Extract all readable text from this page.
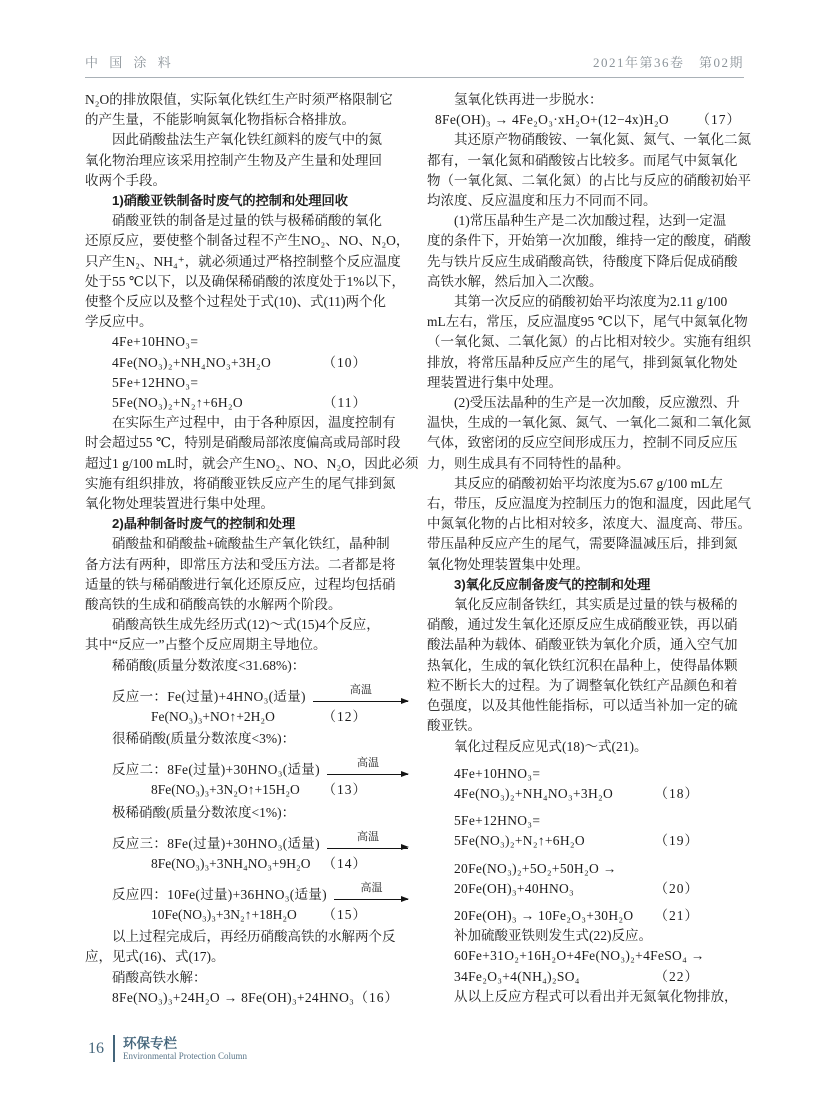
中 国 涂 料	2021年第36卷　第02期
N₂O的排放限值，实际氧化铁红生产时须严格限制它
的产生量，不能影响氮氧化物指标合格排放。
因此硝酸盐法生产氧化铁红颜料的废气中的氮
氧化物治理应该采用控制产生物及产生量和处理回
收两个手段。
1)硝酸亚铁制备时废气的控制和处理回收
硝酸亚铁的制备是过量的铁与极稀硝酸的氧化
还原反应，要使整个制备过程不产生NO₂、NO、N₂O，
只产生N₂、NH₄⁺，就必须通过严格控制整个反应温度
处于55 ℃以下，以及确保稀硝酸的浓度处于1%以下，
使整个反应以及整个过程处于式(10)、式(11)两个化
学反应中。
4Fe+10HNO₃=
4Fe(NO₃)₂+NH₄NO₃+3H₂O	（10）
5Fe+12HNO₃=
5Fe(NO₃)₂+N₂↑+6H₂O	（11）
在实际生产过程中，由于各种原因，温度控制有
时会超过55 ℃，特别是硝酸局部浓度偏高或局部时段
超过1 g/100 mL时，就会产生NO₂、NO、N₂O，因此必须
实施有组织排放，将硝酸亚铁反应产生的尾气排到氮
氧化物处理装置进行集中处理。
2)晶种制备时废气的控制和处理
硝酸盐和硝酸盐+硫酸盐生产氧化铁红，晶种制
备方法有两种，即常压方法和受压方法。二者都是将
适量的铁与稀硝酸进行氧化还原反应，过程均包括硝
酸高铁的生成和硝酸高铁的水解两个阶段。
硝酸高铁生成先经历式(12)～式(15)4个反应，
其中“反应一”占整个反应周期主导地位。
稀硝酸(质量分数浓度<31.68%)：
反应一：Fe(过量)+4HNO₃(适量)	高温
Fe(NO₃)₃+NO↑+2H₂O	（12）
很稀硝酸(质量分数浓度<3%)：
反应二：8Fe(过量)+30HNO₃(适量)	高温
8Fe(NO₃)₃+3N₂O↑+15H₂O （13）
极稀硝酸(质量分数浓度<1%)：
反应三：8Fe(过量)+30HNO₃(适量)	高温
8Fe(NO₃)₃+3NH₄NO₃+9H₂O （14）
反应四：10Fe(过量)+36HNO₃(适量)	高温
10Fe(NO₃)₃+3N₂↑+18H₂O （15）
以上过程完成后，再经历硝酸高铁的水解两个反
应，见式(16)、式(17)。
硝酸高铁水解：
8Fe(NO₃)₃+24H₂O → 8Fe(OH)₃+24HNO₃ （16）
氢氧化铁再进一步脱水：
8Fe(OH)₃ → 4Fe₂O₃·xH₂O+(12−4x)H₂O （17）
其还原产物硝酸铵、一氧化氮、氮气、一氧化二氮
都有，一氧化氮和硝酸铵占比较多。而尾气中氮氧化
物（一氧化氮、二氧化氮）的占比与反应的硝酸初始平
均浓度、反应温度和压力不同而不同。
(1)常压晶种生产是二次加酸过程，达到一定温
度的条件下，开始第一次加酸，维持一定的酸度，硝酸
先与铁片反应生成硝酸高铁，待酸度下降后促成硝酸
高铁水解，然后加入二次酸。
其第一次反应的硝酸初始平均浓度为2.11 g/100
mL左右，常压，反应温度95 ℃以下，尾气中氮氧化物
（一氧化氮、二氧化氮）的占比相对较少。实施有组织
排放，将常压晶种反应产生的尾气，排到氮氧化物处
理装置进行集中处理。
(2)受压法晶种的生产是一次加酸，反应激烈、升
温快，生成的一氧化氮、氮气、一氧化二氮和二氧化氮
气体，致密闭的反应空间形成压力，控制不同反应压
力，则生成具有不同特性的晶种。
其反应的硝酸初始平均浓度为5.67 g/100 mL左
右，带压，反应温度为控制压力的饱和温度，因此尾气
中氮氧化物的占比相对较多，浓度大、温度高、带压。
带压晶种反应产生的尾气，需要降温减压后，排到氮
氧化物处理装置集中处理。
3)氧化反应制备废气的控制和处理
氧化反应制备铁红，其实质是过量的铁与极稀的
硝酸，通过发生氧化还原反应生成硝酸亚铁，再以硝
酸法晶种为载体、硝酸亚铁为氧化介质，通入空气加
热氧化，生成的氧化铁红沉积在晶种上，使得晶体颗
粒不断长大的过程。为了调整氧化铁红产品颜色和着
色强度，以及其他性能指标，可以适当补加一定的硫
酸亚铁。
氧化过程反应见式(18)～式(21)。
4Fe+10HNO₃=
4Fe(NO₃)₂+NH₄NO₃+3H₂O	（18）
5Fe+12HNO₃=
5Fe(NO₃)₂+N₂↑+6H₂O	（19）
20Fe(NO₃)₂+5O₂+50H₂O →
20Fe(OH)₃+40HNO₃	（20）
20Fe(OH)₃ → 10Fe₂O₃+30H₂O （21）
补加硫酸亚铁则发生式(22)反应。
60Fe+31O₂+16H₂O+4Fe(NO₃)₂+4FeSO₄ →
34Fe₂O₃+4(NH₄)₂SO₄	（22）
从以上反应方程式可以看出并无氮氧化物排放，
16 环保专栏
Environmental Protection Column
